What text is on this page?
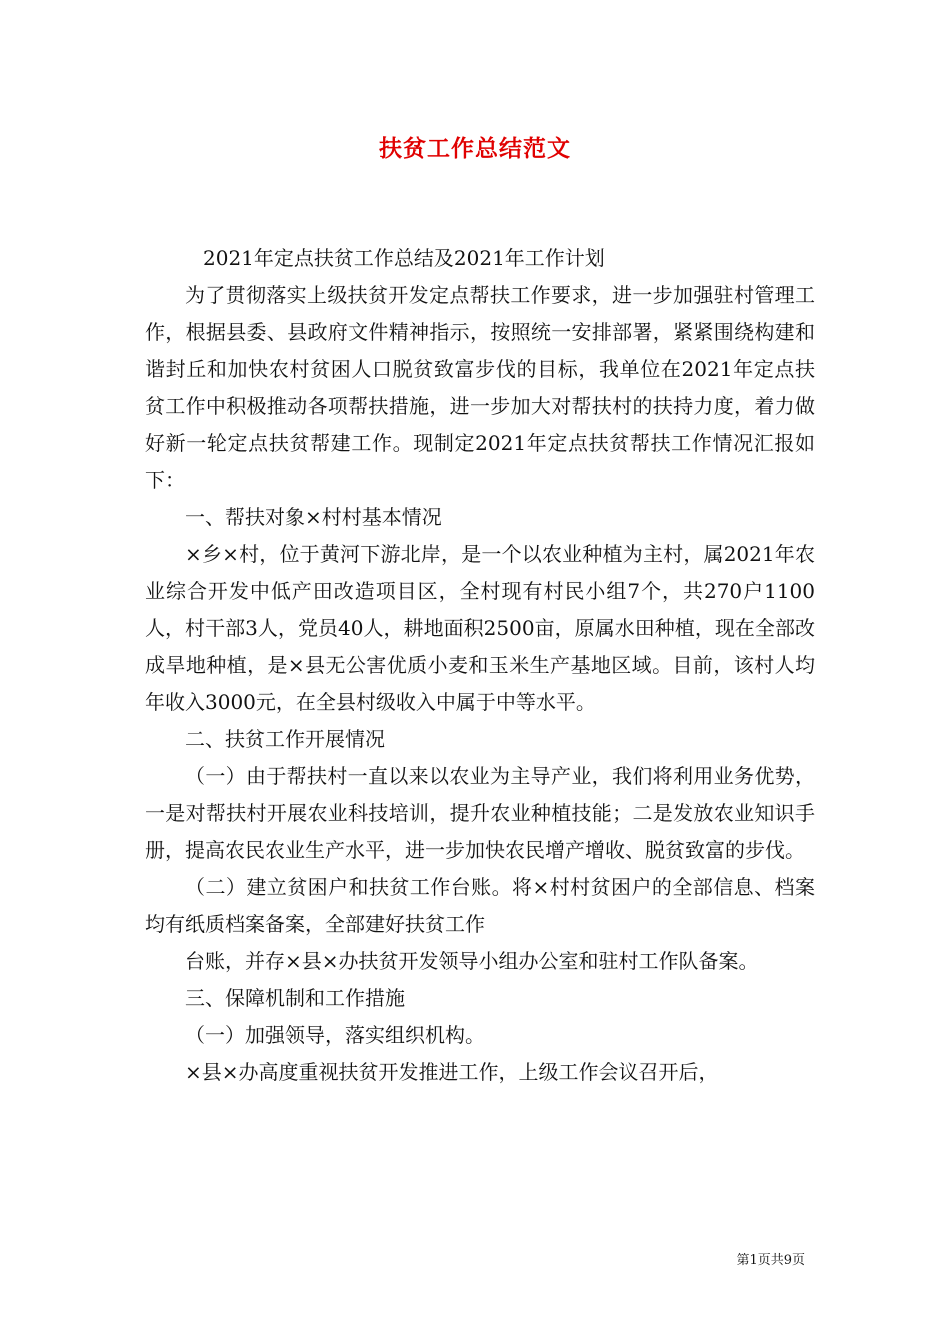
扶贫工作总结范文

2021年定点扶贫工作总结及2021年工作计划

为了贯彻落实上级扶贫开发定点帮扶工作要求，进一步加强驻村管理工作，根据县委、县政府文件精神指示，按照统一安排部署，紧紧围绕构建和谐封丘和加快农村贫困人口脱贫致富步伐的目标，我单位在2021年定点扶贫工作中积极推动各项帮扶措施，进一步加大对帮扶村的扶持力度，着力做好新一轮定点扶贫帮建工作。现制定2021年定点扶贫帮扶工作情况汇报如下：

一、帮扶对象×村村基本情况

×乡×村，位于黄河下游北岸，是一个以农业种植为主村，属2021年农业综合开发中低产田改造项目区，全村现有村民小组7个，共270户1100人，村干部3人，党员40人，耕地面积2500亩，原属水田种植，现在全部改成旱地种植，是×县无公害优质小麦和玉米生产基地区域。目前，该村人均年收入3000元，在全县村级收入中属于中等水平。

二、扶贫工作开展情况

（一）由于帮扶村一直以来以农业为主导产业，我们将利用业务优势，一是对帮扶村开展农业科技培训，提升农业种植技能；二是发放农业知识手册，提高农民农业生产水平，进一步加快农民增产增收、脱贫致富的步伐。

（二）建立贫困户和扶贫工作台账。将×村村贫困户的全部信息、档案均有纸质档案备案，全部建好扶贫工作

台账，并存×县×办扶贫开发领导小组办公室和驻村工作队备案。

三、保障机制和工作措施

（一）加强领导，落实组织机构。

×县×办高度重视扶贫开发推进工作，上级工作会议召开后，

第1页共9页
